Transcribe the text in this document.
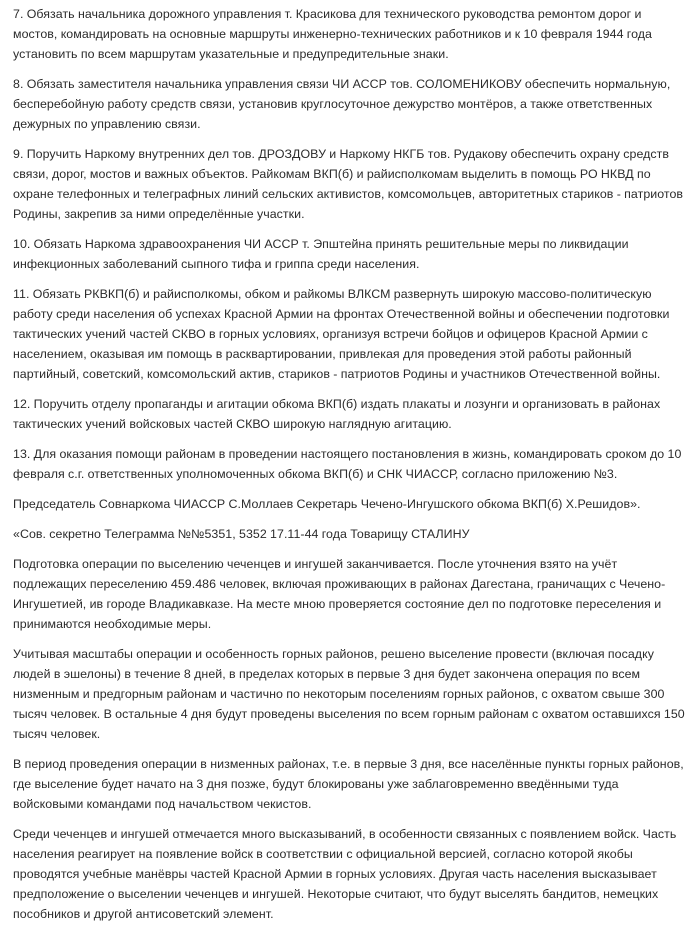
7. Обязать начальника дорожного управления т. Красикова для технического руководства ремонтом дорог и мостов, командировать на основные маршруты инженерно-технических работников и к 10 февраля 1944 года установить по всем маршрутам указательные и предупредительные знаки.

8. Обязать заместителя начальника управления связи ЧИ АССР тов. СОЛОМЕНИКОВУ обеспечить нормальную, бесперебойную работу средств связи, установив круглосуточное дежурство монтёров, а также ответственных дежурных по управлению связи.

9. Поручить Наркому внутренних дел тов. ДРОЗДОВУ и Наркому НКГБ тов. Рудакову обеспечить охрану средств связи, дорог, мостов и важных объектов. Райкомам ВКП(б) и райисполкомам выделить в помощь РО НКВД по охране телефонных и телеграфных линий сельских активистов, комсомольцев, авторитетных стариков - патриотов Родины, закрепив за ними определённые участки.

10. Обязать Наркома здравоохранения ЧИ АССР т. Эпштейна принять решительные меры по ликвидации инфекционных заболеваний сыпного тифа и гриппа среди населения.

11. Обязать РКВКП(б) и райисполкомы, обком и райкомы ВЛКСМ развернуть широкую массово-политическую работу среди населения об успехах Красной Армии на фронтах Отечественной войны и обеспечении подготовки тактических учений частей СКВО в горных условиях, организуя встречи бойцов и офицеров Красной Армии с населением, оказывая им помощь в расквартировании, привлекая для проведения этой работы районный партийный, советский, комсомольский актив, стариков - патриотов Родины и участников Отечественной войны.

12. Поручить отделу пропаганды и агитации обкома ВКП(б) издать плакаты и лозунги и организовать в районах тактических учений войсковых частей СКВО широкую наглядную агитацию.

13. Для оказания помощи районам в проведении настоящего постановления в жизнь, командировать сроком до 10 февраля с.г. ответственных уполномоченных обкома ВКП(б) и СНК ЧИАССР, согласно приложению №3.

Председатель Совнаркома ЧИАССР С.Моллаев Секретарь Чечено-Ингушского обкома ВКП(б) Х.Решидов».

«Сов. секретно Телеграмма №№5351, 5352 17.11-44 года Товарищу СТАЛИНУ

Подготовка операции по выселению чеченцев и ингушей заканчивается. После уточнения взято на учёт подлежащих переселению 459.486 человек, включая проживающих в районах Дагестана, граничащих с Чечено-Ингушетией, ив городе Владикавказе. На месте мною проверяется состояние дел по подготовке переселения и принимаются необходимые меры.

Учитывая масштабы операции и особенность горных районов, решено выселение провести (включая посадку людей в эшелоны) в течение 8 дней, в пределах которых в первые 3 дня будет закончена операция по всем низменным и предгорным районам и частично по некоторым поселениям горных районов, с охватом свыше 300 тысяч человек. В остальные 4 дня будут проведены выселения по всем горным районам с охватом оставшихся 150 тысяч человек.

В период проведения операции в низменных районах, т.е. в первые 3 дня, все населённые пункты горных районов, где выселение будет начато на 3 дня позже, будут блокированы уже заблаговременно введёнными туда войсковыми командами под начальством чекистов.

Среди чеченцев и ингушей отмечается много высказываний, в особенности связанных с появлением войск. Часть населения реагирует на появление войск в соответствии с официальной версией, согласно которой якобы проводятся учебные манёвры частей Красной Армии в горных условиях. Другая часть населения высказывает предположение о выселении чеченцев и ингушей. Некоторые считают, что будут выселять бандитов, немецких пособников и другой антисоветский элемент.
